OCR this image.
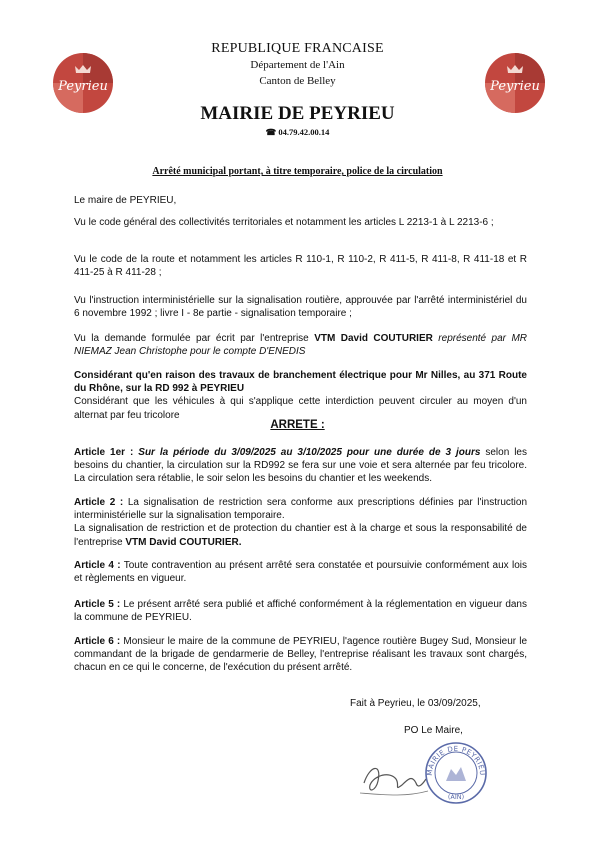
REPUBLIQUE FRANCAISE

Département de l'Ain

Canton de Belley

MAIRIE DE PEYRIEU

☎ 04.79.42.00.14

Peyrieu	Peyrieu
Arrêté municipal portant, à titre temporaire, police de la circulation

Le maire de PEYRIEU,

Vu le code général des collectivités territoriales et notamment les articles L 2213-1 à L 2213-6 ;

Vu le code de la route et notamment les articles R 110-1, R 110-2, R 411-5, R 411-8, R 411-18 et R 411-25 à R 411-28 ;

Vu l'instruction interministérielle sur la signalisation routière, approuvée par l'arrêté interministériel du 6 novembre 1992 ; livre I - 8e partie - signalisation temporaire ;

Vu la demande formulée par écrit par l'entreprise VTM David COUTURIER représenté par MR NIEMAZ Jean Christophe pour le compte D'ENEDIS

Considérant qu'en raison des travaux de branchement électrique pour Mr Nilles, au 371 Route du Rhône, sur la RD 992 à PEYRIEU

Considérant que les véhicules à qui s'applique cette interdiction peuvent circuler au moyen d'un alternat par feu tricolore

ARRETE :

Article 1er : Sur la période du 3/09/2025 au 3/10/2025 pour une durée de 3 jours selon les besoins du chantier, la circulation sur la RD992 se fera sur une voie et sera alternée par feu tricolore. La circulation sera rétablie, le soir selon les besoins du chantier et les weekends.

Article 2 : La signalisation de restriction sera conforme aux prescriptions définies par l'instruction interministérielle sur la signalisation temporaire.

La signalisation de restriction et de protection du chantier est à la charge et sous la responsabilité de l'entreprise VTM David COUTURIER.

Article 4 : Toute contravention au présent arrêté sera constatée et poursuivie conformément aux lois et règlements en vigueur.

Article 5 : Le présent arrêté sera publié et affiché conformément à la réglementation en vigueur dans la commune de PEYRIEU.

Article 6 : Monsieur le maire de la commune de PEYRIEU, l'agence routière Bugey Sud, Monsieur le commandant de la brigade de gendarmerie de Belley, l'entreprise réalisant les travaux sont chargés, chacun en ce qui le concerne, de l'exécution du présent arrêté.

Fait à Peyrieu, le 03/09/2025,
PO Le Maire,
MAIRIE DE PEYRIEU
(AIN)
